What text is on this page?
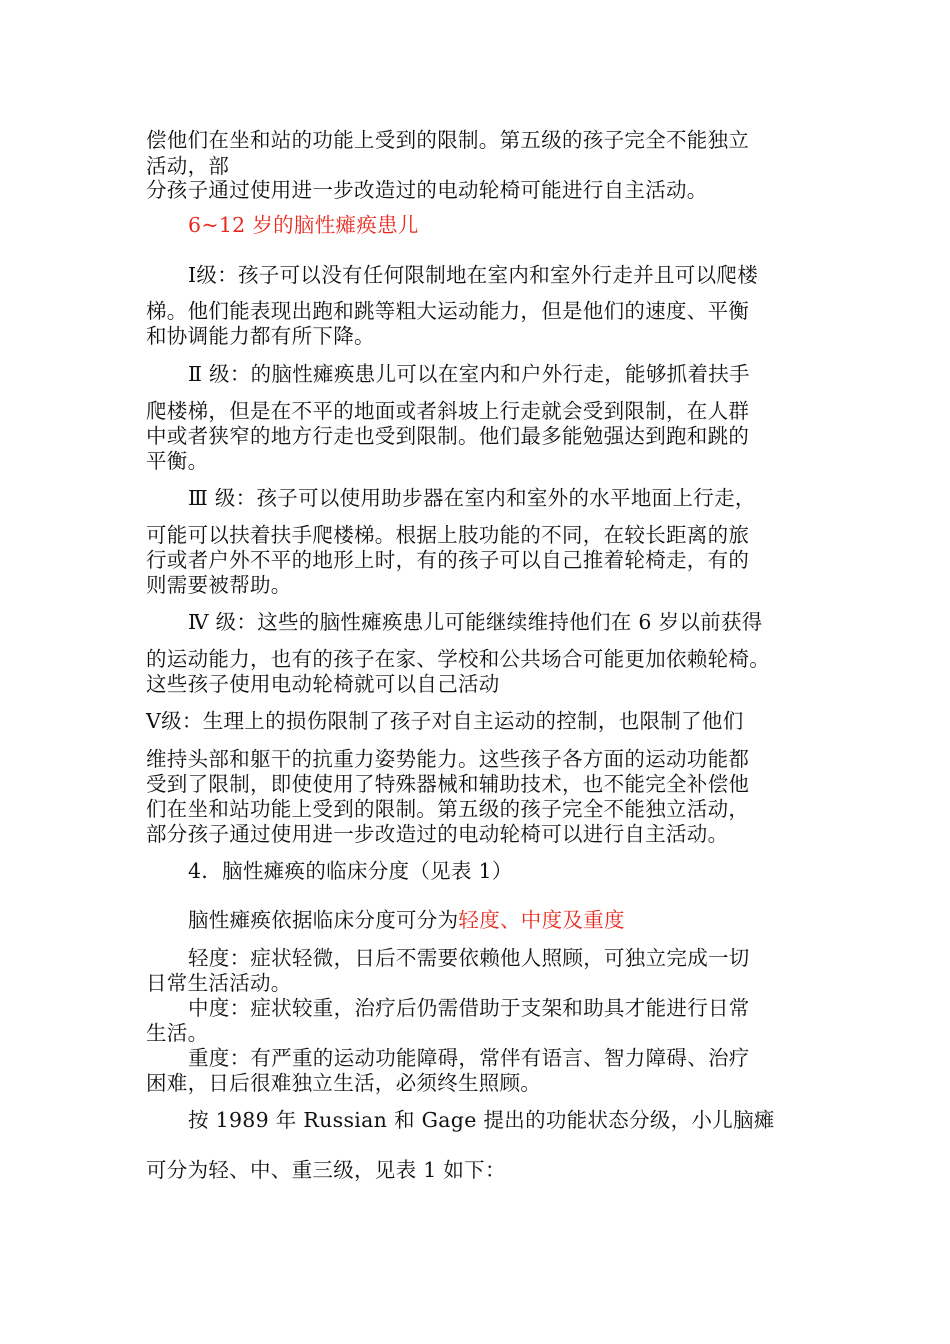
偿他们在坐和站的功能上受到的限制。第五级的孩子完全不能独立

活动，部

分孩子通过使用进一步改造过的电动轮椅可能进行自主活动。

6~12 岁的脑性瘫痪患儿

Ⅰ级：孩子可以没有任何限制地在室内和室外行走并且可以爬楼

梯。他们能表现出跑和跳等粗大运动能力，但是他们的速度、平衡

和协调能力都有所下降。

Ⅱ 级：的脑性瘫痪患儿可以在室内和户外行走，能够抓着扶手

爬楼梯，但是在不平的地面或者斜坡上行走就会受到限制，在人群

中或者狭窄的地方行走也受到限制。他们最多能勉强达到跑和跳的

平衡。

Ⅲ 级：孩子可以使用助步器在室内和室外的水平地面上行走，

可能可以扶着扶手爬楼梯。根据上肢功能的不同，在较长距离的旅

行或者户外不平的地形上时，有的孩子可以自己推着轮椅走，有的

则需要被帮助。

Ⅳ 级：这些的脑性瘫痪患儿可能继续维持他们在 6 岁以前获得

的运动能力，也有的孩子在家、学校和公共场合可能更加依赖轮椅。

这些孩子使用电动轮椅就可以自己活动

Ⅴ级：生理上的损伤限制了孩子对自主运动的控制，也限制了他们

维持头部和躯干的抗重力姿势能力。这些孩子各方面的运动功能都

受到了限制，即使使用了特殊器械和辅助技术，也不能完全补偿他

们在坐和站功能上受到的限制。第五级的孩子完全不能独立活动，

部分孩子通过使用进一步改造过的电动轮椅可以进行自主活动。

4．脑性瘫痪的临床分度（见表 1）

脑性瘫痪依据临床分度可分为轻度、中度及重度

轻度：症状轻微，日后不需要依赖他人照顾，可独立完成一切

日常生活活动。

中度：症状较重，治疗后仍需借助于支架和助具才能进行日常

生活。

重度：有严重的运动功能障碍，常伴有语言、智力障碍、治疗

困难，日后很难独立生活，必须终生照顾。

按 1989 年 Russian 和 Gage 提出的功能状态分级，小儿脑瘫

可分为轻、中、重三级，见表 1 如下：
